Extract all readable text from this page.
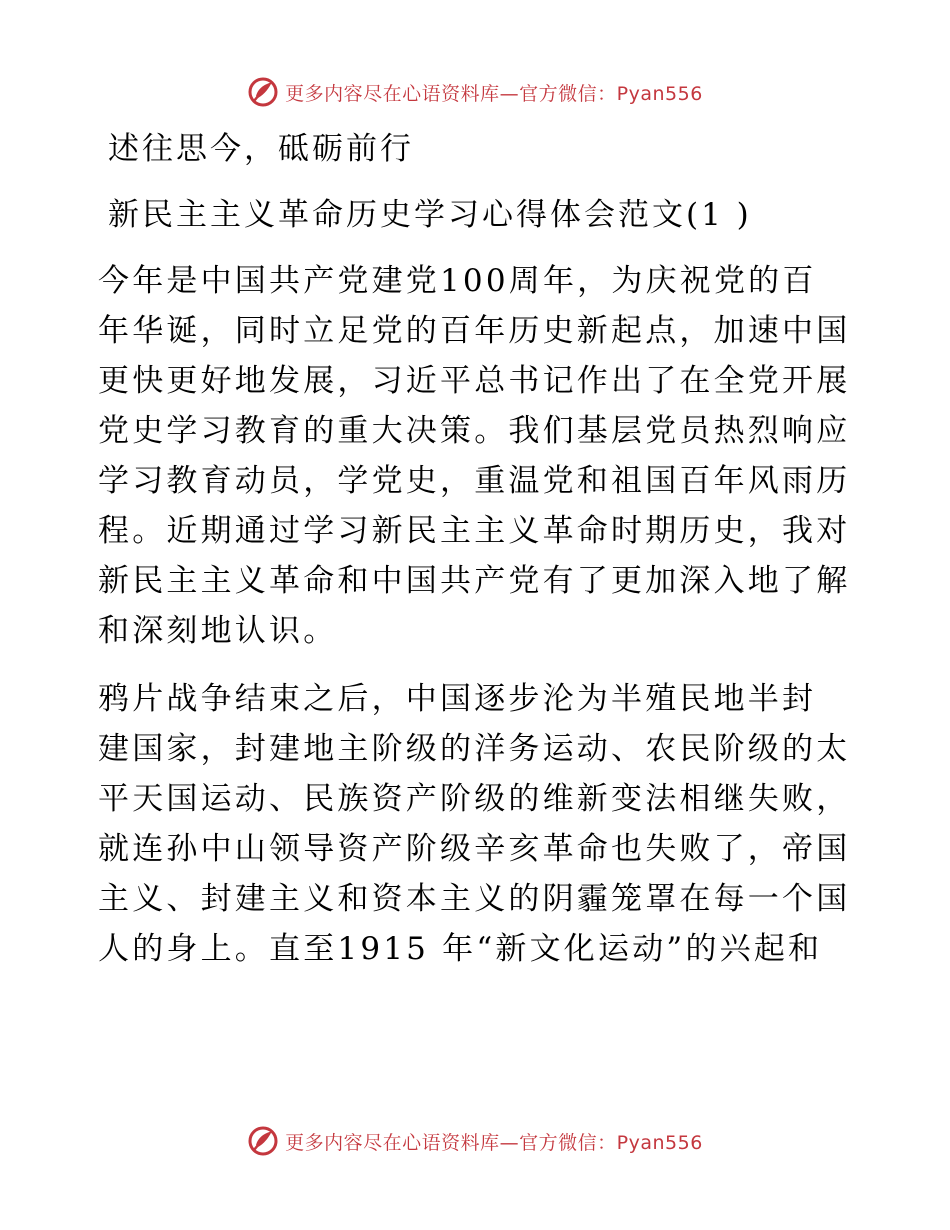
更多内容尽在心语资料库—官方微信：Pyan556
述往思今，砥砺前行
新民主主义革命历史学习心得体会范文(1 )
今年是中国共产党建党100周年，为庆祝党的百
年华诞，同时立足党的百年历史新起点，加速中国
更快更好地发展，习近平总书记作出了在全党开展
党史学习教育的重大决策。我们基层党员热烈响应
学习教育动员，学党史，重温党和祖国百年风雨历
程。近期通过学习新民主主义革命时期历史，我对
新民主主义革命和中国共产党有了更加深入地了解
和深刻地认识。
鸦片战争结束之后，中国逐步沦为半殖民地半封
建国家，封建地主阶级的洋务运动、农民阶级的太
平天国运动、民族资产阶级的维新变法相继失败，
就连孙中山领导资产阶级辛亥革命也失败了，帝国
主义、封建主义和资本主义的阴霾笼罩在每一个国
人的身上。直至1915 年“新文化运动”的兴起和
更多内容尽在心语资料库—官方微信：Pyan556
